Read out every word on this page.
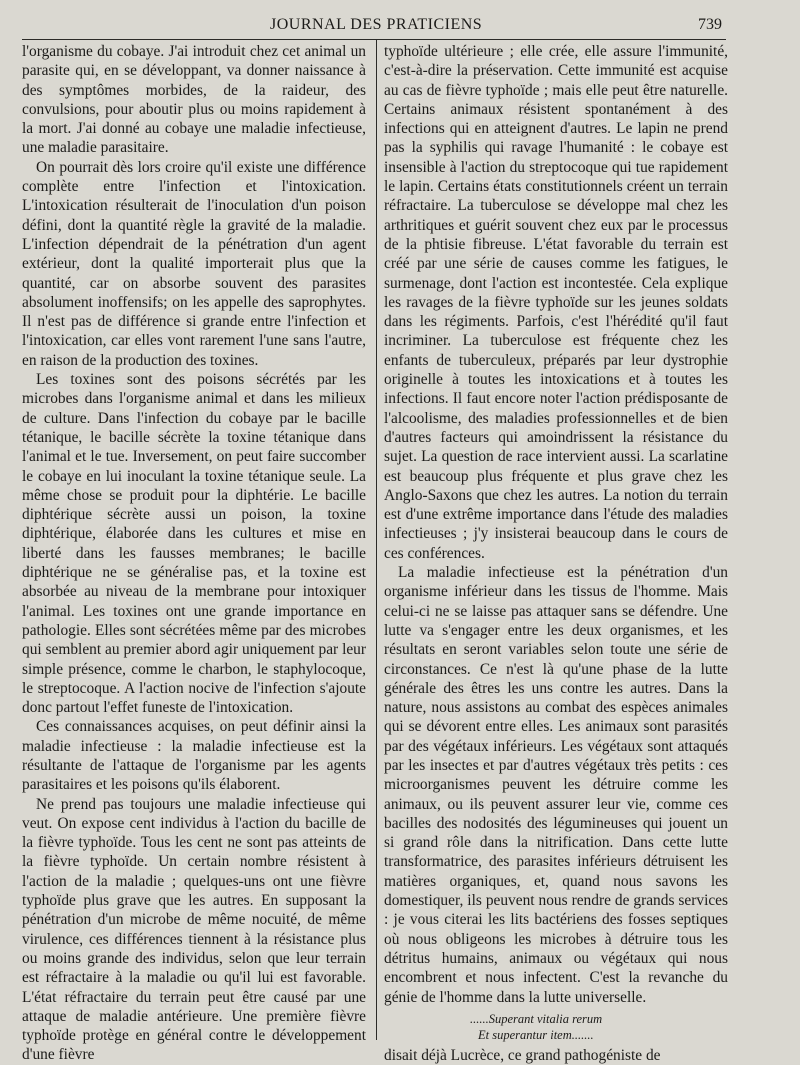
JOURNAL DES PRATICIENS	739

l'organisme du cobaye. J'ai introduit chez cet animal un parasite qui, en se développant, va donner naissance à des symptômes morbides, de la raideur, des convulsions, pour aboutir plus ou moins rapidement à la mort. J'ai donné au cobaye une maladie infectieuse, une maladie parasitaire.

On pourrait dès lors croire qu'il existe une différence complète entre l'infection et l'intoxication. L'intoxication résulterait de l'inoculation d'un poison défini, dont la quantité règle la gravité de la maladie. L'infection dépendrait de la pénétration d'un agent extérieur, dont la qualité importerait plus que la quantité, car on absorbe souvent des parasites absolument inoffensifs; on les appelle des saprophytes. Il n'est pas de différence si grande entre l'infection et l'intoxication, car elles vont rarement l'une sans l'autre, en raison de la production des toxines.

Les toxines sont des poisons sécrétés par les microbes dans l'organisme animal et dans les milieux de culture. Dans l'infection du cobaye par le bacille tétanique, le bacille sécrète la toxine tétanique dans l'animal et le tue. Inversement, on peut faire succomber le cobaye en lui inoculant la toxine tétanique seule. La même chose se produit pour la diphtérie. Le bacille diphtérique sécrète aussi un poison, la toxine diphtérique, élaborée dans les cultures et mise en liberté dans les fausses membranes; le bacille diphtérique ne se généralise pas, et la toxine est absorbée au niveau de la membrane pour intoxiquer l'animal. Les toxines ont une grande importance en pathologie. Elles sont sécrétées même par des microbes qui semblent au premier abord agir uniquement par leur simple présence, comme le charbon, le staphylocoque, le streptocoque. A l'action nocive de l'infection s'ajoute donc partout l'effet funeste de l'intoxication.

Ces connaissances acquises, on peut définir ainsi la maladie infectieuse : la maladie infectieuse est la résultante de l'attaque de l'organisme par les agents parasitaires et les poisons qu'ils élaborent.

Ne prend pas toujours une maladie infectieuse qui veut. On expose cent individus à l'action du bacille de la fièvre typhoïde. Tous les cent ne sont pas atteints de la fièvre typhoïde. Un certain nombre résistent à l'action de la maladie ; quelques-uns ont une fièvre typhoïde plus grave que les autres. En supposant la pénétration d'un microbe de même nocuité, de même virulence, ces différences tiennent à la résistance plus ou moins grande des individus, selon que leur terrain est réfractaire à la maladie ou qu'il lui est favorable. L'état réfractaire du terrain peut être causé par une attaque de maladie antérieure. Une première fièvre typhoïde protège en général contre le développement d'une fièvre

typhoïde ultérieure ; elle crée, elle assure l'immunité, c'est-à-dire la préservation. Cette immunité est acquise au cas de fièvre typhoïde ; mais elle peut être naturelle. Certains animaux résistent spontanément à des infections qui en atteignent d'autres. Le lapin ne prend pas la syphilis qui ravage l'humanité : le cobaye est insensible à l'action du streptocoque qui tue rapidement le lapin. Certains états constitutionnels créent un terrain réfractaire. La tuberculose se développe mal chez les arthritiques et guérit souvent chez eux par le processus de la phtisie fibreuse. L'état favorable du terrain est créé par une série de causes comme les fatigues, le surmenage, dont l'action est incontestée. Cela explique les ravages de la fièvre typhoïde sur les jeunes soldats dans les régiments. Parfois, c'est l'hérédité qu'il faut incriminer. La tuberculose est fréquente chez les enfants de tuberculeux, préparés par leur dystrophie originelle à toutes les intoxications et à toutes les infections. Il faut encore noter l'action prédisposante de l'alcoolisme, des maladies professionnelles et de bien d'autres facteurs qui amoindrissent la résistance du sujet. La question de race intervient aussi. La scarlatine est beaucoup plus fréquente et plus grave chez les Anglo-Saxons que chez les autres. La notion du terrain est d'une extrême importance dans l'étude des maladies infectieuses ; j'y insisterai beaucoup dans le cours de ces conférences.

La maladie infectieuse est la pénétration d'un organisme inférieur dans les tissus de l'homme. Mais celui-ci ne se laisse pas attaquer sans se défendre. Une lutte va s'engager entre les deux organismes, et les résultats en seront variables selon toute une série de circonstances. Ce n'est là qu'une phase de la lutte générale des êtres les uns contre les autres. Dans la nature, nous assistons au combat des espèces animales qui se dévorent entre elles. Les animaux sont parasités par des végétaux inférieurs. Les végétaux sont attaqués par les insectes et par d'autres végétaux très petits : ces microorganismes peuvent les détruire comme les animaux, ou ils peuvent assurer leur vie, comme ces bacilles des nodosités des légumineuses qui jouent un si grand rôle dans la nitrification. Dans cette lutte transformatrice, des parasites inférieurs détruisent les matières organiques, et, quand nous savons les domestiquer, ils peuvent nous rendre de grands services : je vous citerai les lits bactériens des fosses septiques où nous obligeons les microbes à détruire tous les détritus humains, animaux ou végétaux qui nous encombrent et nous infectent. C'est la revanche du génie de l'homme dans la lutte universelle.

......Superant vitalia rerum
Et superantur item.......

disait déjà Lucrèce, ce grand pathogéniste de
